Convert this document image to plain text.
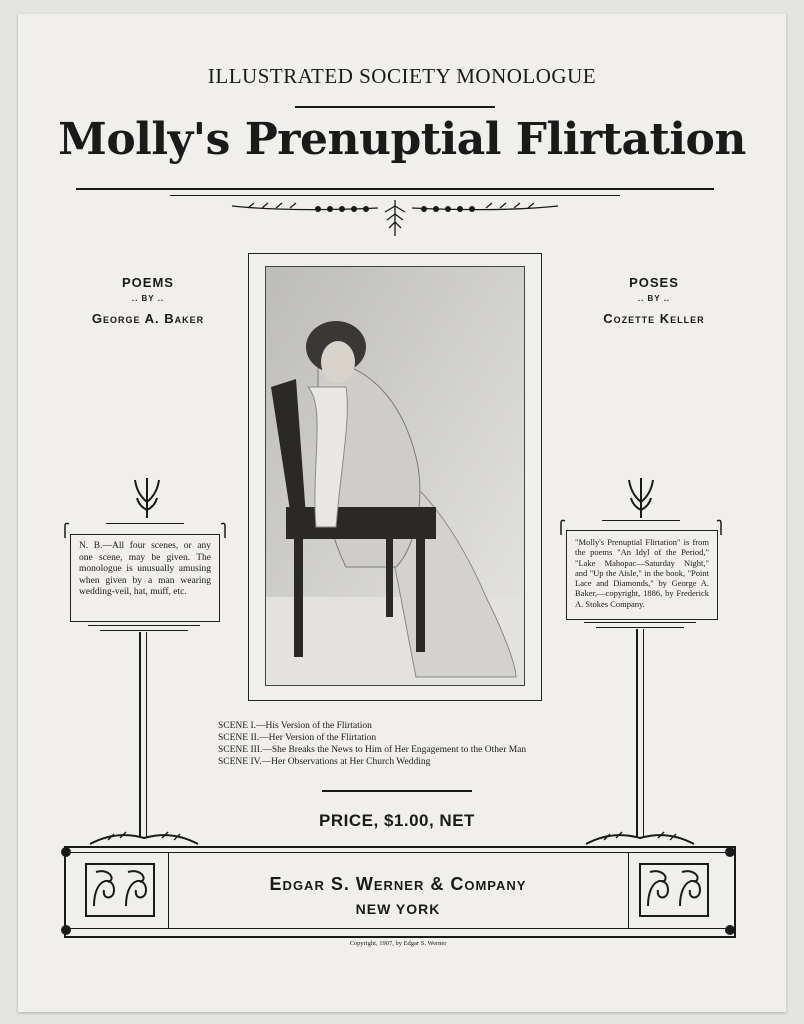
ILLUSTRATED SOCIETY MONOLOGUE
Molly's Prenuptial Flirtation
POEMS
.. BY ..
George A. Baker
POSES
.. BY ..
Cozette Keller
N. B.—All four scenes, or any one scene, may be given. The monologue is unusually amusing when given by a man wearing wedding-veil, hat, muff, etc.
"Molly's Prenuptial Flirtation" is from the poems "An Idyl of the Period," "Lake Mahopac—Saturday Night," and "Up the Aisle," in the book, "Point Lace and Diamonds," by George A. Baker,—copyright, 1886, by Frederick A. Stokes Company.
SCENE I.—His Version of the Flirtation
SCENE II.—Her Version of the Flirtation
SCENE III.—She Breaks the News to Him of Her Engagement to the Other Man
SCENE IV.—Her Observations at Her Church Wedding
PRICE, $1.00, NET
Edgar S. Werner & Company
NEW YORK
Copyright, 1907, by Edgar S. Werner
